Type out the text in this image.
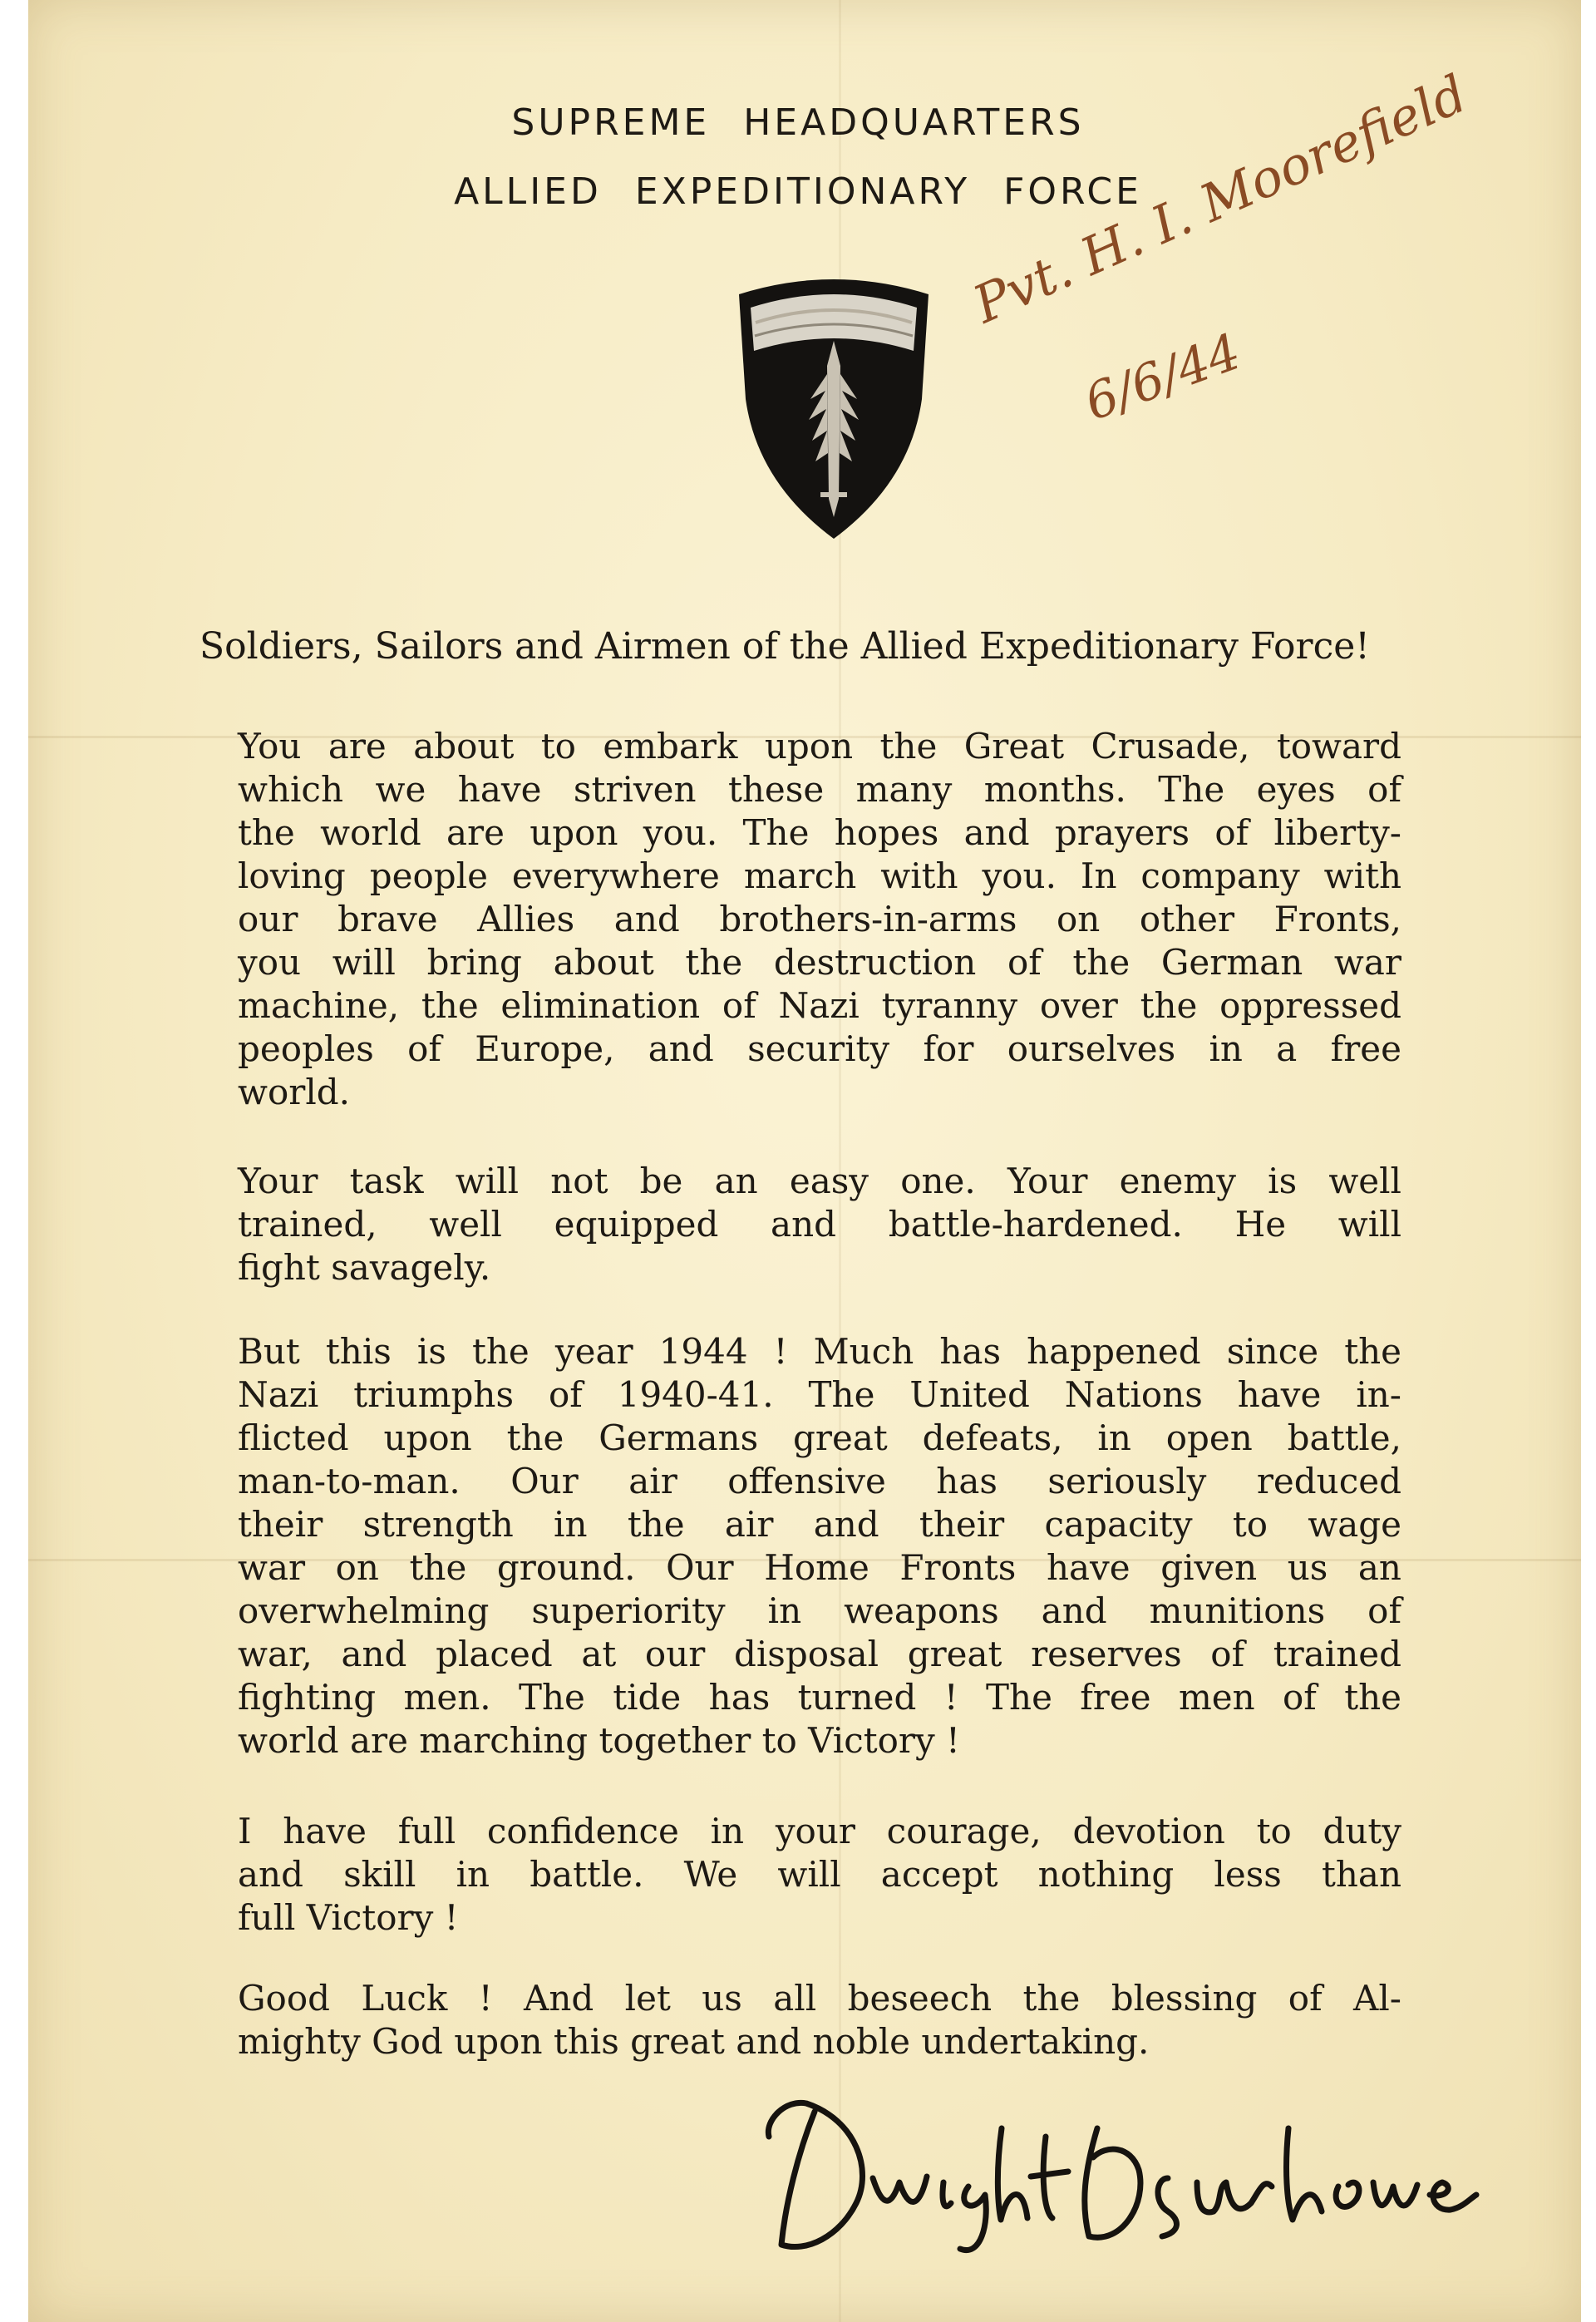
SUPREME HEADQUARTERS
ALLIED EXPEDITIONARY FORCE
Pvt. H. I. Moorefield
6/6/44
Soldiers, Sailors and Airmen of the Allied Expeditionary Force!
You are about to embark upon the Great Crusade, toward
which we have striven these many months. The eyes of
the world are upon you. The hopes and prayers of liberty-
loving people everywhere march with you. In company with
our brave Allies and brothers-in-arms on other Fronts,
you will bring about the destruction of the German war
machine, the elimination of Nazi tyranny over the oppressed
peoples of Europe, and security for ourselves in a free
world.
Your task will not be an easy one. Your enemy is well
trained, well equipped and battle-hardened. He will
fight savagely.
But this is the year 1944 ! Much has happened since the
Nazi triumphs of 1940-41. The United Nations have in-
flicted upon the Germans great defeats, in open battle,
man-to-man. Our air offensive has seriously reduced
their strength in the air and their capacity to wage
war on the ground. Our Home Fronts have given us an
overwhelming superiority in weapons and munitions of
war, and placed at our disposal great reserves of trained
fighting men. The tide has turned ! The free men of the
world are marching together to Victory !
I have full confidence in your courage, devotion to duty
and skill in battle. We will accept nothing less than
full Victory !
Good Luck ! And let us all beseech the blessing of Al-
mighty God upon this great and noble undertaking.
